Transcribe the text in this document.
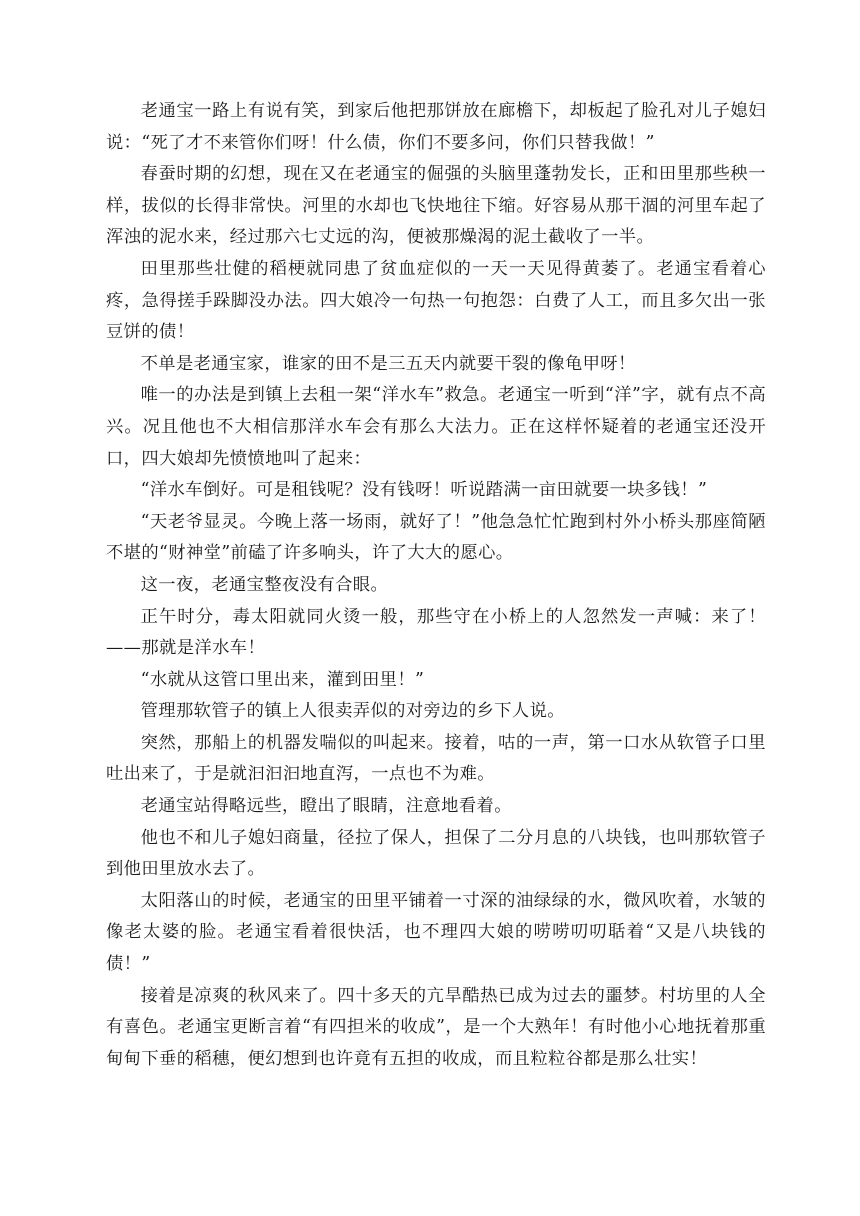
老通宝一路上有说有笑，到家后他把那饼放在廊檐下，却板起了脸孔对儿子媳妇说：“死了才不来管你们呀！什么债，你们不要多问，你们只替我做！”

春蚕时期的幻想，现在又在老通宝的倔强的头脑里蓬勃发长，正和田里那些秧一样，拔似的长得非常快。河里的水却也飞快地往下缩。好容易从那干涸的河里车起了浑浊的泥水来，经过那六七丈远的沟，便被那燥渴的泥土截收了一半。

田里那些壮健的稻梗就同患了贫血症似的一天一天见得黄萎了。老通宝看着心疼，急得搓手跺脚没办法。四大娘冷一句热一句抱怨：白费了人工，而且多欠出一张豆饼的债！

不单是老通宝家，谁家的田不是三五天内就要干裂的像龟甲呀！

唯一的办法是到镇上去租一架“洋水车”救急。老通宝一听到“洋”字，就有点不高兴。况且他也不大相信那洋水车会有那么大法力。正在这样怀疑着的老通宝还没开口，四大娘却先愤愤地叫了起来：

“洋水车倒好。可是租钱呢？没有钱呀！听说踏满一亩田就要一块多钱！”

“天老爷显灵。今晚上落一场雨，就好了！”他急急忙忙跑到村外小桥头那座简陋不堪的“财神堂”前磕了许多响头，许了大大的愿心。

这一夜，老通宝整夜没有合眼。

正午时分，毒太阳就同火烫一般，那些守在小桥上的人忽然发一声喊：来了！——那就是洋水车！

“水就从这管口里出来，灌到田里！”

管理那软管子的镇上人很卖弄似的对旁边的乡下人说。

突然，那船上的机器发喘似的叫起来。接着，咕的一声，第一口水从软管子口里吐出来了，于是就汩汩汩地直泻，一点也不为难。

老通宝站得略远些，瞪出了眼睛，注意地看着。

他也不和儿子媳妇商量，径拉了保人，担保了二分月息的八块钱，也叫那软管子到他田里放水去了。

太阳落山的时候，老通宝的田里平铺着一寸深的油绿绿的水，微风吹着，水皱的像老太婆的脸。老通宝看着很快活，也不理四大娘的唠唠叨叨聒着“又是八块钱的债！”

接着是凉爽的秋风来了。四十多天的亢旱酷热已成为过去的噩梦。村坊里的人全有喜色。老通宝更断言着“有四担米的收成”，是一个大熟年！有时他小心地抚着那重甸甸下垂的稻穗，便幻想到也许竟有五担的收成，而且粒粒谷都是那么壮实！
